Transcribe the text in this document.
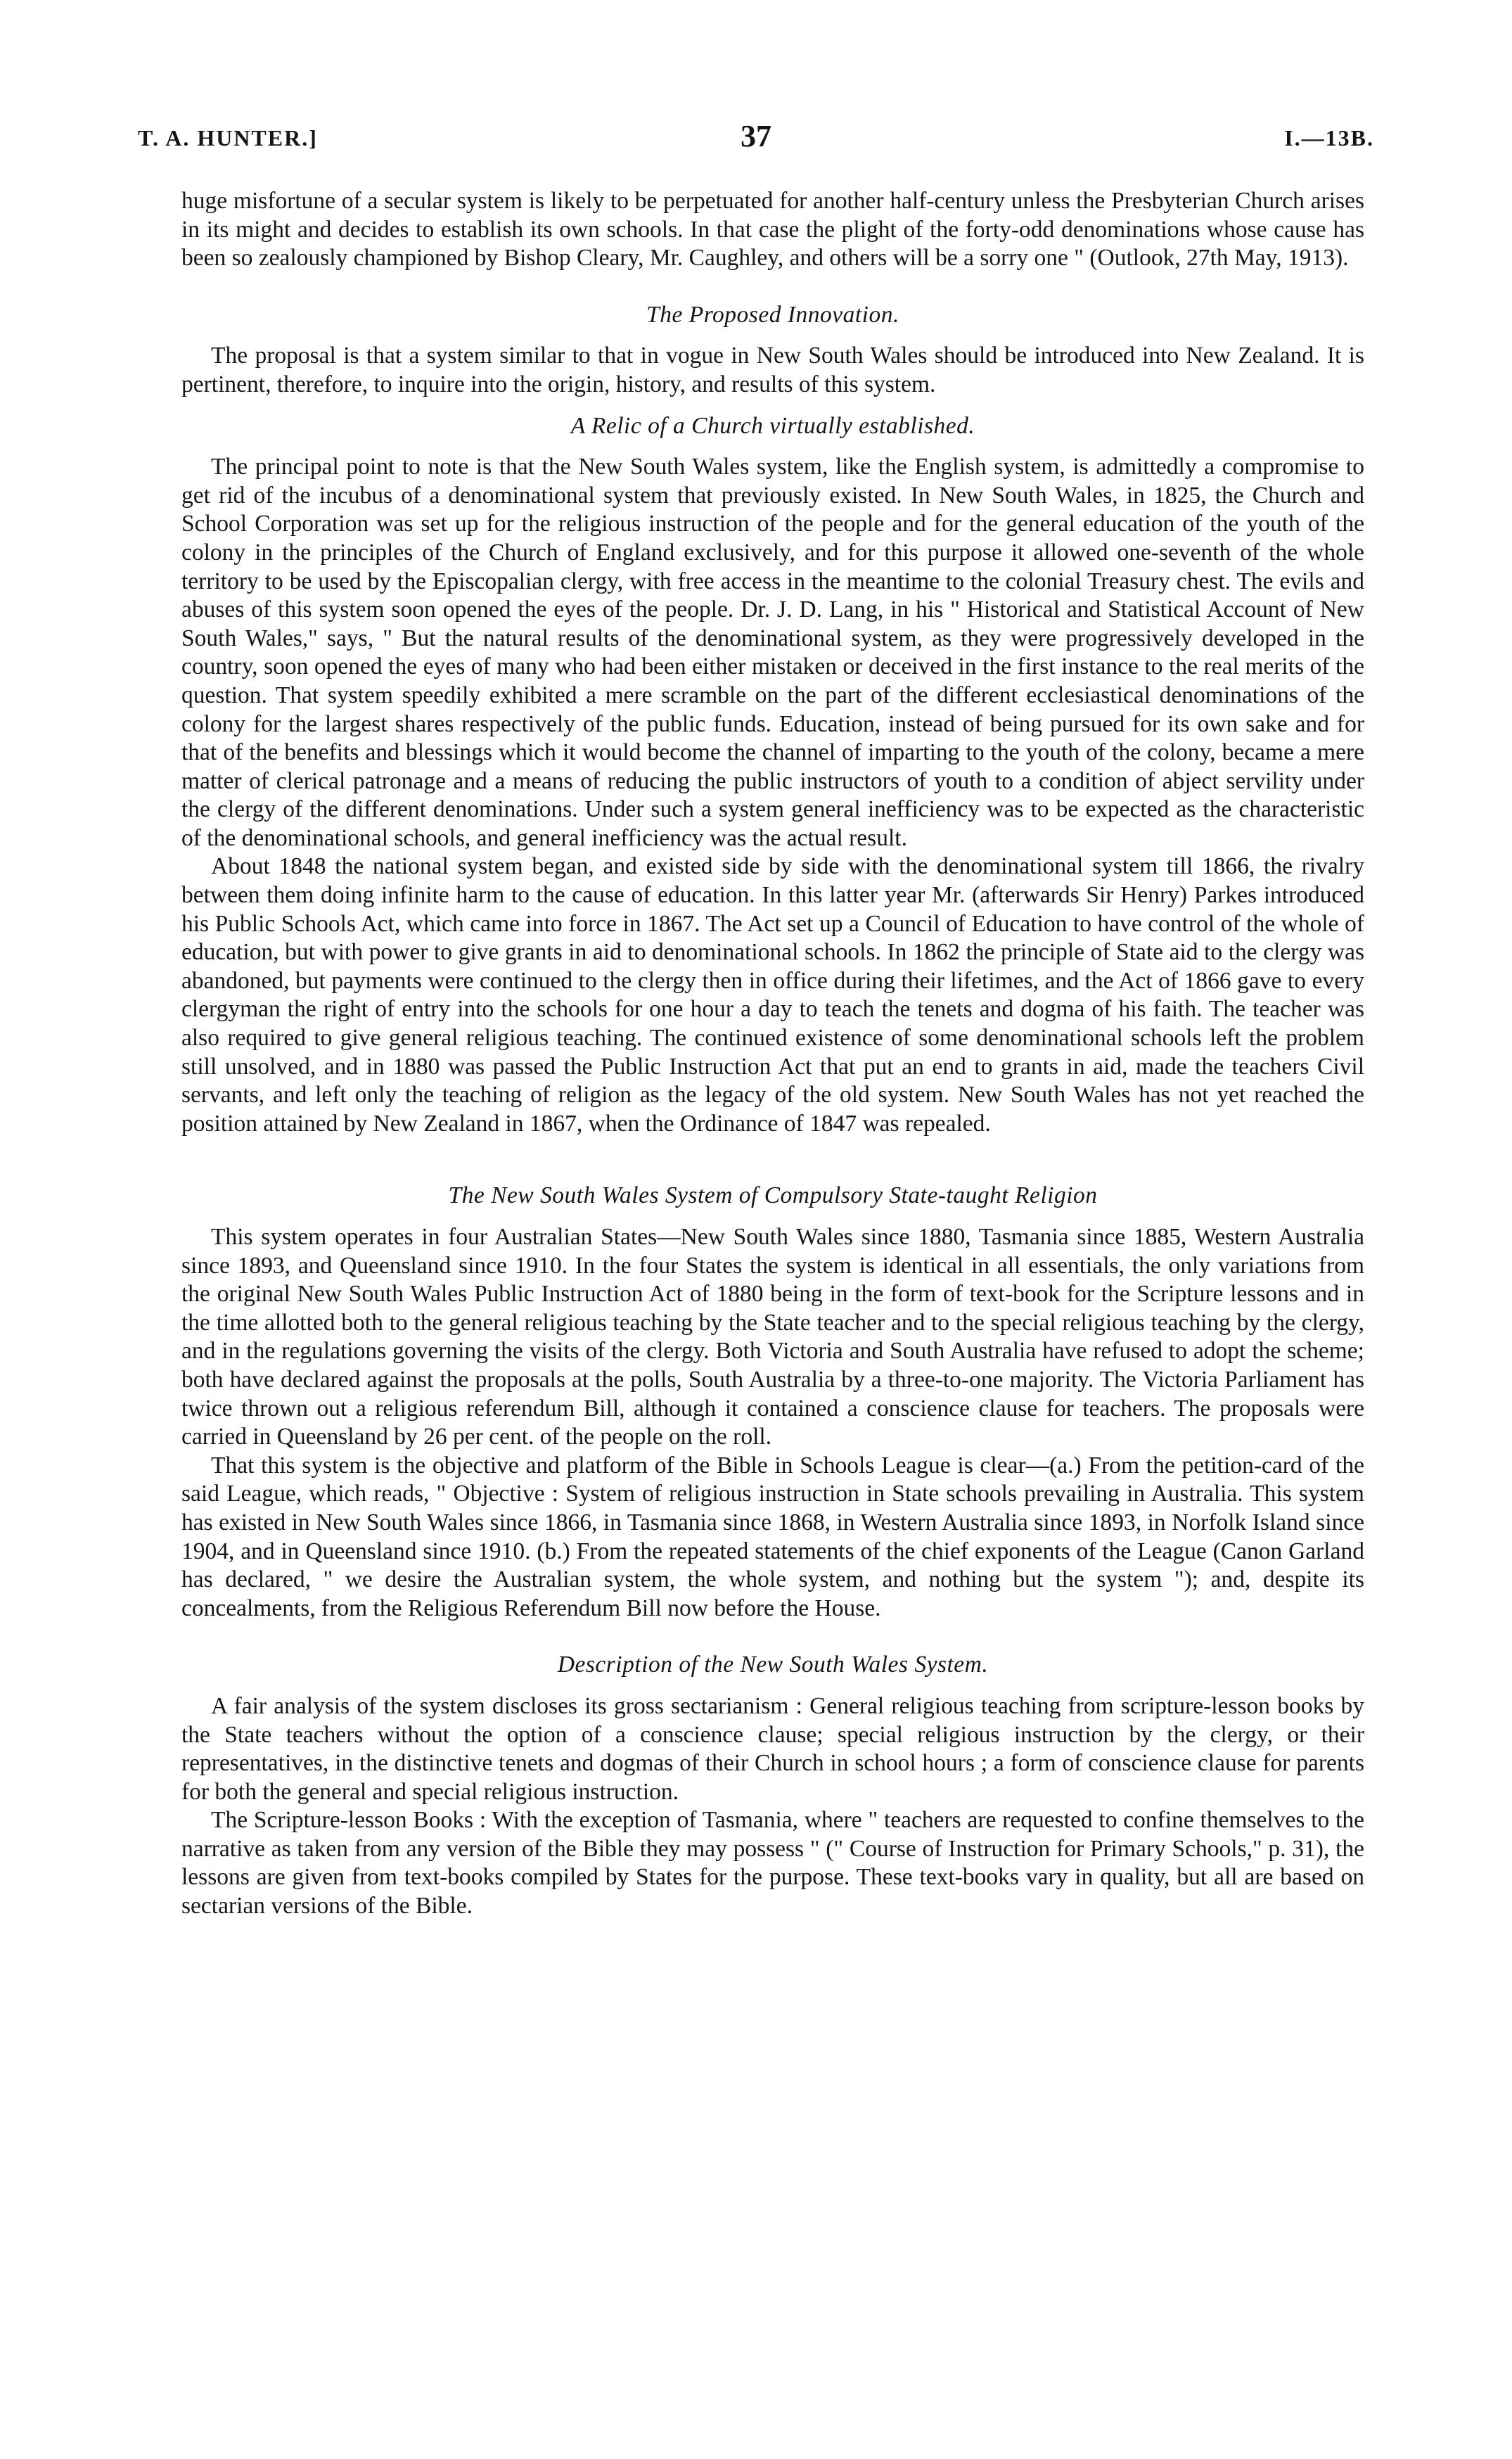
T. A. HUNTER.]	37	I.—13B.

huge misfortune of a secular system is likely to be perpetuated for another half-century unless the Presbyterian Church arises in its might and decides to establish its own schools. In that case the plight of the forty-odd denominations whose cause has been so zealously championed by Bishop Cleary, Mr. Caughley, and others will be a sorry one " (Outlook, 27th May, 1913).

The Proposed Innovation.

The proposal is that a system similar to that in vogue in New South Wales should be introduced into New Zealand. It is pertinent, therefore, to inquire into the origin, history, and results of this system.

A Relic of a Church virtually established.

The principal point to note is that the New South Wales system, like the English system, is admittedly a compromise to get rid of the incubus of a denominational system that previously existed. In New South Wales, in 1825, the Church and School Corporation was set up for the religious instruction of the people and for the general education of the youth of the colony in the principles of the Church of England exclusively, and for this purpose it allowed one-seventh of the whole territory to be used by the Episcopalian clergy, with free access in the meantime to the colonial Treasury chest. The evils and abuses of this system soon opened the eyes of the people. Dr. J. D. Lang, in his " Historical and Statistical Account of New South Wales," says, " But the natural results of the denominational system, as they were progressively developed in the country, soon opened the eyes of many who had been either mistaken or deceived in the first instance to the real merits of the question. That system speedily exhibited a mere scramble on the part of the different ecclesiastical denominations of the colony for the largest shares respectively of the public funds. Education, instead of being pursued for its own sake and for that of the benefits and blessings which it would become the channel of imparting to the youth of the colony, became a mere matter of clerical patronage and a means of reducing the public instructors of youth to a condition of abject servility under the clergy of the different denominations. Under such a system general inefficiency was to be expected as the characteristic of the denominational schools, and general inefficiency was the actual result.

About 1848 the national system began, and existed side by side with the denominational system till 1866, the rivalry between them doing infinite harm to the cause of education. In this latter year Mr. (afterwards Sir Henry) Parkes introduced his Public Schools Act, which came into force in 1867. The Act set up a Council of Education to have control of the whole of education, but with power to give grants in aid to denominational schools. In 1862 the principle of State aid to the clergy was abandoned, but payments were continued to the clergy then in office during their lifetimes, and the Act of 1866 gave to every clergyman the right of entry into the schools for one hour a day to teach the tenets and dogma of his faith. The teacher was also required to give general religious teaching. The continued existence of some denominational schools left the problem still unsolved, and in 1880 was passed the Public Instruction Act that put an end to grants in aid, made the teachers Civil servants, and left only the teaching of religion as the legacy of the old system. New South Wales has not yet reached the position attained by New Zealand in 1867, when the Ordinance of 1847 was repealed.

The New South Wales System of Compulsory State-taught Religion

This system operates in four Australian States—New South Wales since 1880, Tasmania since 1885, Western Australia since 1893, and Queensland since 1910. In the four States the system is identical in all essentials, the only variations from the original New South Wales Public Instruction Act of 1880 being in the form of text-book for the Scripture lessons and in the time allotted both to the general religious teaching by the State teacher and to the special religious teaching by the clergy, and in the regulations governing the visits of the clergy. Both Victoria and South Australia have refused to adopt the scheme; both have declared against the proposals at the polls, South Australia by a three-to-one majority. The Victoria Parliament has twice thrown out a religious referendum Bill, although it contained a conscience clause for teachers. The proposals were carried in Queensland by 26 per cent. of the people on the roll.

That this system is the objective and platform of the Bible in Schools League is clear—(a.) From the petition-card of the said League, which reads, " Objective : System of religious instruction in State schools prevailing in Australia. This system has existed in New South Wales since 1866, in Tasmania since 1868, in Western Australia since 1893, in Norfolk Island since 1904, and in Queensland since 1910. (b.) From the repeated statements of the chief exponents of the League (Canon Garland has declared, " we desire the Australian system, the whole system, and nothing but the system "); and, despite its concealments, from the Religious Referendum Bill now before the House.

Description of the New South Wales System.

A fair analysis of the system discloses its gross sectarianism : General religious teaching from scripture-lesson books by the State teachers without the option of a conscience clause; special religious instruction by the clergy, or their representatives, in the distinctive tenets and dogmas of their Church in school hours ; a form of conscience clause for parents for both the general and special religious instruction.

The Scripture-lesson Books : With the exception of Tasmania, where " teachers are requested to confine themselves to the narrative as taken from any version of the Bible they may possess " (" Course of Instruction for Primary Schools," p. 31), the lessons are given from text-books compiled by States for the purpose. These text-books vary in quality, but all are based on sectarian versions of the Bible.
